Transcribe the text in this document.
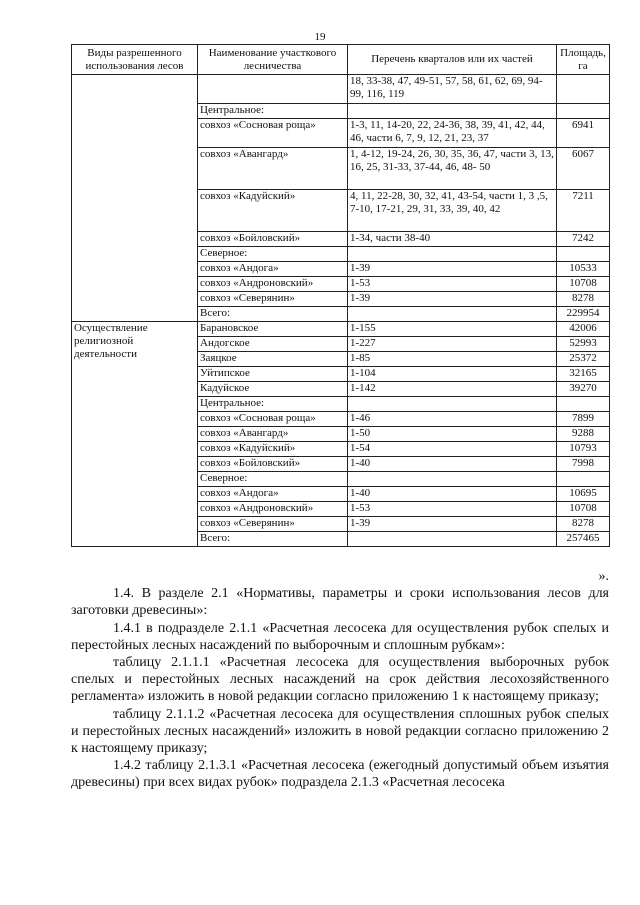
19
Виды разрешенного использования лесов	Наименование участкового лесничества	Перечень кварталов или их частей	Площадь, га
		18, 33-38, 47, 49-51, 57, 58, 61, 62, 69, 94-99, 116, 119	
	Центральное:		
	совхоз «Сосновая роща»	1-3, 11, 14-20, 22, 24-36, 38, 39, 41, 42, 44, 46, части 6, 7, 9, 12, 21, 23, 37	6941
	совхоз «Авангард»	1, 4-12, 19-24, 26, 30, 35, 36, 47, части 3, 13, 16, 25, 31-33, 37-44, 46, 48- 50	6067
	совхоз «Кадуйский»	4, 11, 22-28, 30, 32, 41, 43-54, части 1, 3 ,5, 7-10, 17-21, 29, 31, 33, 39, 40, 42	7211
	совхоз «Бойловский»	1-34, части 38-40	7242
	Северное:		
	совхоз «Андога»	1-39	10533
	совхоз «Андроновский»	1-53	10708
	совхоз «Северянин»	1-39	8278
	Всего:		229954
Осуществление религиозной деятельности	Барановское	1-155	42006
	Андогское	1-227	52993
	Заяцкое	1-85	25372
	Уйтипское	1-104	32165
	Кадуйское	1-142	39270
	Центральное:		
	совхоз «Сосновая роща»	1-46	7899
	совхоз «Авангард»	1-50	9288
	совхоз «Кадуйский»	1-54	10793
	совхоз «Бойловский»	1-40	7998
	Северное:		
	совхоз «Андога»	1-40	10695
	совхоз «Андроновский»	1-53	10708
	совхоз «Северянин»	1-39	8278
	Всего:		257465

».

1.4. В разделе 2.1 «Нормативы, параметры и сроки использования лесов для заготовки древесины»:

1.4.1 в подразделе 2.1.1 «Расчетная лесосека для осуществления рубок спелых и перестойных лесных насаждений по выборочным и сплошным рубкам»:

таблицу 2.1.1.1 «Расчетная лесосека для осуществления выборочных рубок спелых и перестойных лесных насаждений на срок действия лесохозяйственного регламента» изложить в новой редакции согласно приложению 1 к настоящему приказу;

таблицу 2.1.1.2 «Расчетная лесосека для осуществления сплошных рубок спелых и перестойных лесных насаждений» изложить в новой редакции согласно приложению 2 к настоящему приказу;

1.4.2 таблицу 2.1.3.1 «Расчетная лесосека (ежегодный допустимый объем изъятия древесины) при всех видах рубок» подраздела 2.1.3 «Расчетная лесосека
